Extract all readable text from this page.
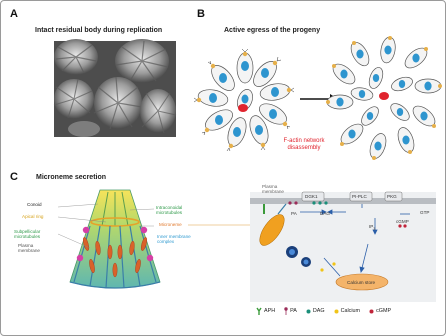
A
Intact residual body during replication
B
Active egress of the progeny
C	Microneme secretion
F-actin network
disassembly
Conoid
Apical ring
Subpellicular microtubules
Plasma membrane
Intraconoidal microtubules
Microneme
Inner membrane complex
Plasma membrane
DGK1	PI-PLC	PKG
PA	DAG
$IP_3$
cGMP
GTP
Calcium store
APH	PA	DAG	Calcium	cGMP
